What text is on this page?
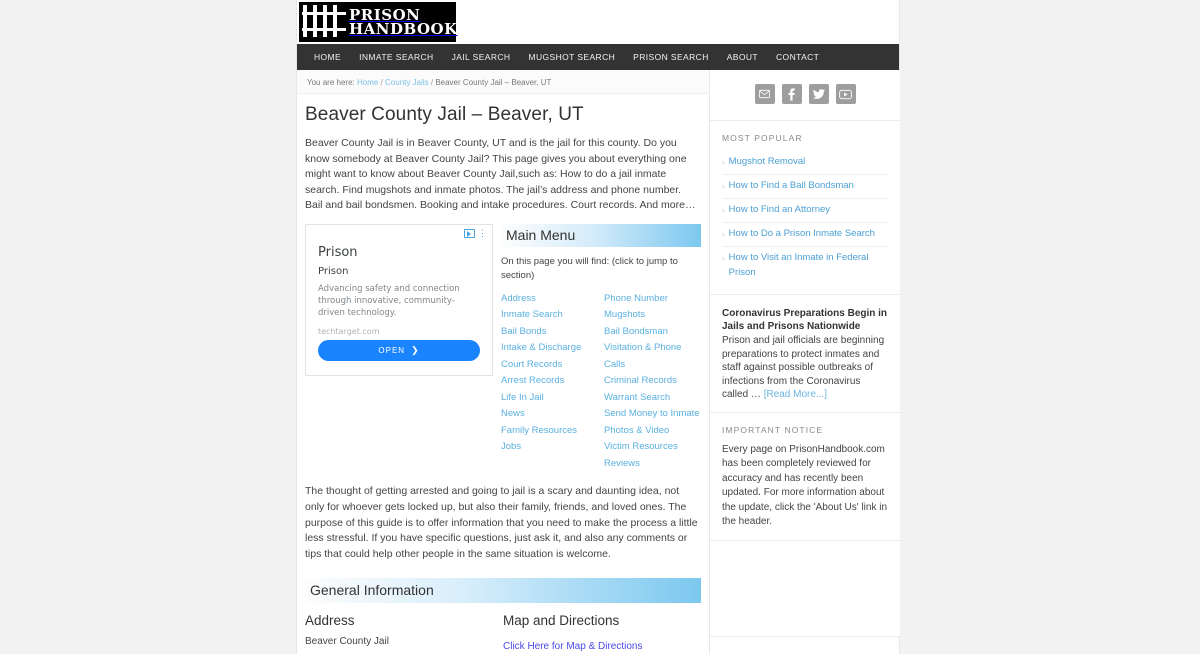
PRISON
HANDBOOK
HOME	INMATE SEARCH	JAIL SEARCH	MUGSHOT SEARCH	PRISON SEARCH	ABOUT	CONTACT
You are here: Home / County Jails / Beaver County Jail – Beaver, UT
Beaver County Jail – Beaver, UT

Beaver County Jail is in Beaver County, UT and is the jail for this county. Do you know somebody at Beaver County Jail? This page gives you about everything one might want to know about Beaver County Jail,such as: How to do a jail inmate search. Find mugshots and inmate photos. The jail’s address and phone number. Bail and bail bondsmen. Booking and intake procedures. Court records. And more…

⋮
Prison
Prison

Advancing safety and connection through innovative, community-driven technology.

techtarget.com
OPEN ❯
Main Menu

On this page you will find: (click to jump to section)

Address
Inmate Search
Bail Bonds
Intake & Discharge
Court Records
Arrest Records
Life In Jail
News
Family Resources
Jobs
Phone Number
Mugshots
Bail Bondsman
Visitation & Phone Calls
Criminal Records
Warrant Search
Send Money to Inmate
Photos & Video
Victim Resources
Reviews

The thought of getting arrested and going to jail is a scary and daunting idea, not only for whoever gets locked up, but also their family, friends, and loved ones. The purpose of this guide is to offer information that you need to make the process a little less stressful. If you have specific questions, just ask it, and also any comments or tips that could help other people in the same situation is welcome.

General Information
Address
Beaver County Jail
Map and Directions
Click Here for Map & Directions
MOST POPULAR
› Mugshot Removal
› How to Find a Bail Bondsman
› How to Find an Attorney
› How to Do a Prison Inmate Search
› How to Visit an Inmate in Federal Prison
Coronavirus Preparations Begin in Jails and Prisons Nationwide

Prison and jail officials are beginning preparations to protect inmates and staff against possible outbreaks of infections from the Coronavirus called … [Read More...]

IMPORTANT NOTICE

Every page on PrisonHandbook.com has been completely reviewed for accuracy and has recently been updated. For more information about the update, click the 'About Us' link in the header.
